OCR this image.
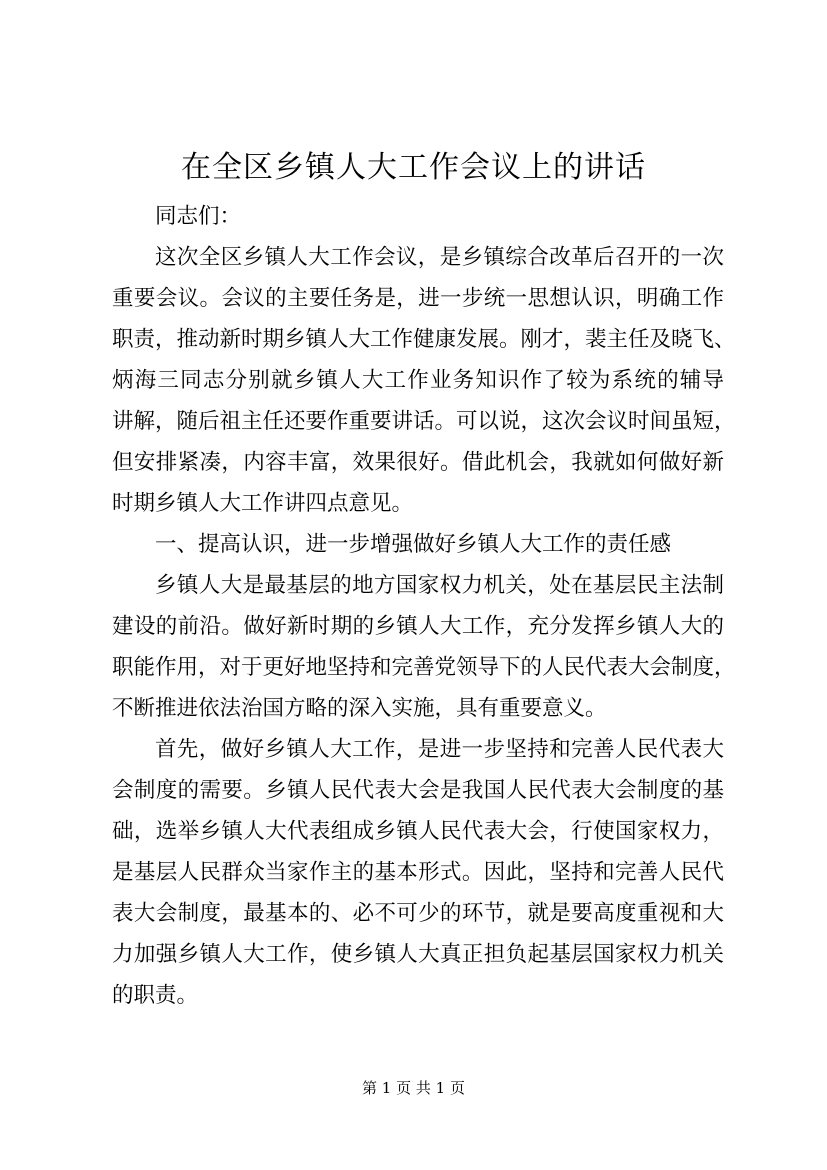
在全区乡镇人大工作会议上的讲话
同志们：
这次全区乡镇人大工作会议，是乡镇综合改革后召开的一次
重要会议。会议的主要任务是，进一步统一思想认识，明确工作
职责，推动新时期乡镇人大工作健康发展。刚才，裴主任及晓飞、
炳海三同志分别就乡镇人大工作业务知识作了较为系统的辅导
讲解，随后祖主任还要作重要讲话。可以说，这次会议时间虽短，
但安排紧凑，内容丰富，效果很好。借此机会，我就如何做好新
时期乡镇人大工作讲四点意见。
一、提高认识，进一步增强做好乡镇人大工作的责任感
乡镇人大是最基层的地方国家权力机关，处在基层民主法制
建设的前沿。做好新时期的乡镇人大工作，充分发挥乡镇人大的
职能作用，对于更好地坚持和完善党领导下的人民代表大会制度，
不断推进依法治国方略的深入实施，具有重要意义。
首先，做好乡镇人大工作，是进一步坚持和完善人民代表大
会制度的需要。乡镇人民代表大会是我国人民代表大会制度的基
础，选举乡镇人大代表组成乡镇人民代表大会，行使国家权力，
是基层人民群众当家作主的基本形式。因此，坚持和完善人民代
表大会制度，最基本的、必不可少的环节，就是要高度重视和大
力加强乡镇人大工作，使乡镇人大真正担负起基层国家权力机关
的职责。
第 1 页 共 1 页
